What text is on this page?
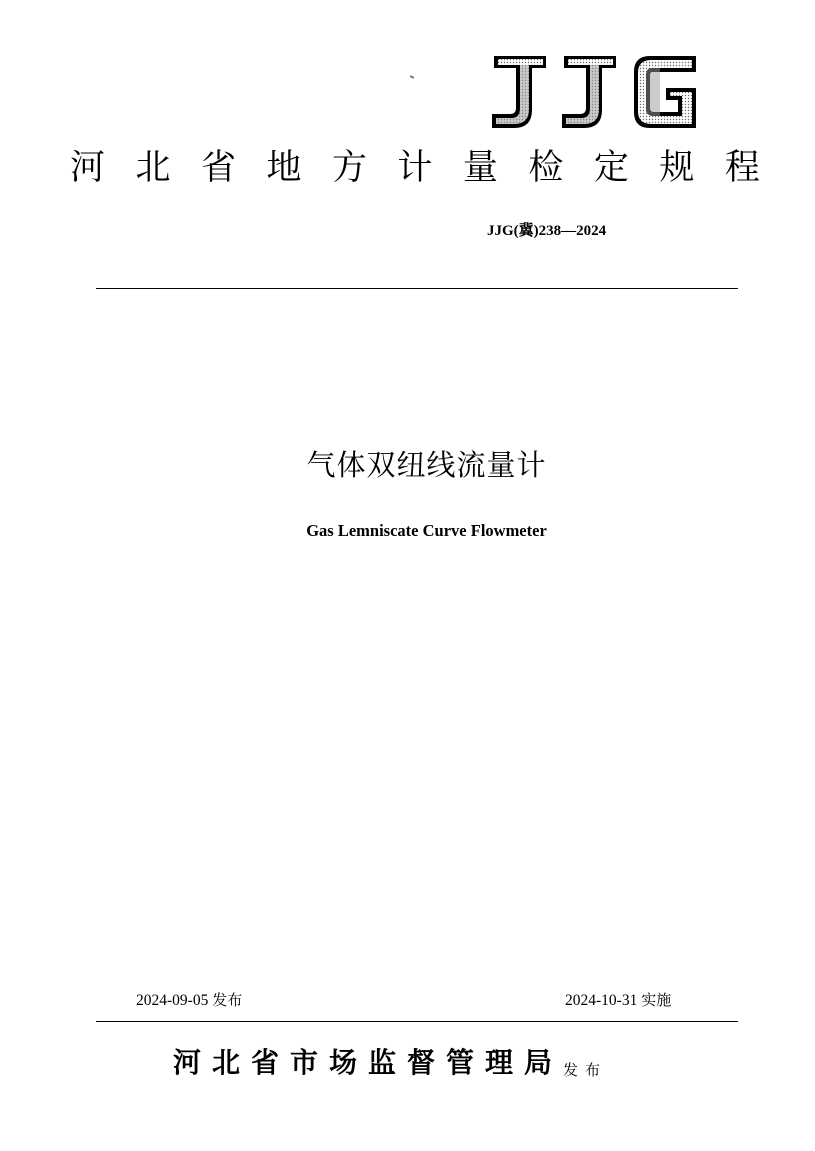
河 北 省 地 方 计 量 检 定 规 程
JJG(冀)238—2024
气体双纽线流量计
Gas Lemniscate Curve Flowmeter
2024-09-05 发布	2024-10-31 实施
河北省市场监督管理局 发布
